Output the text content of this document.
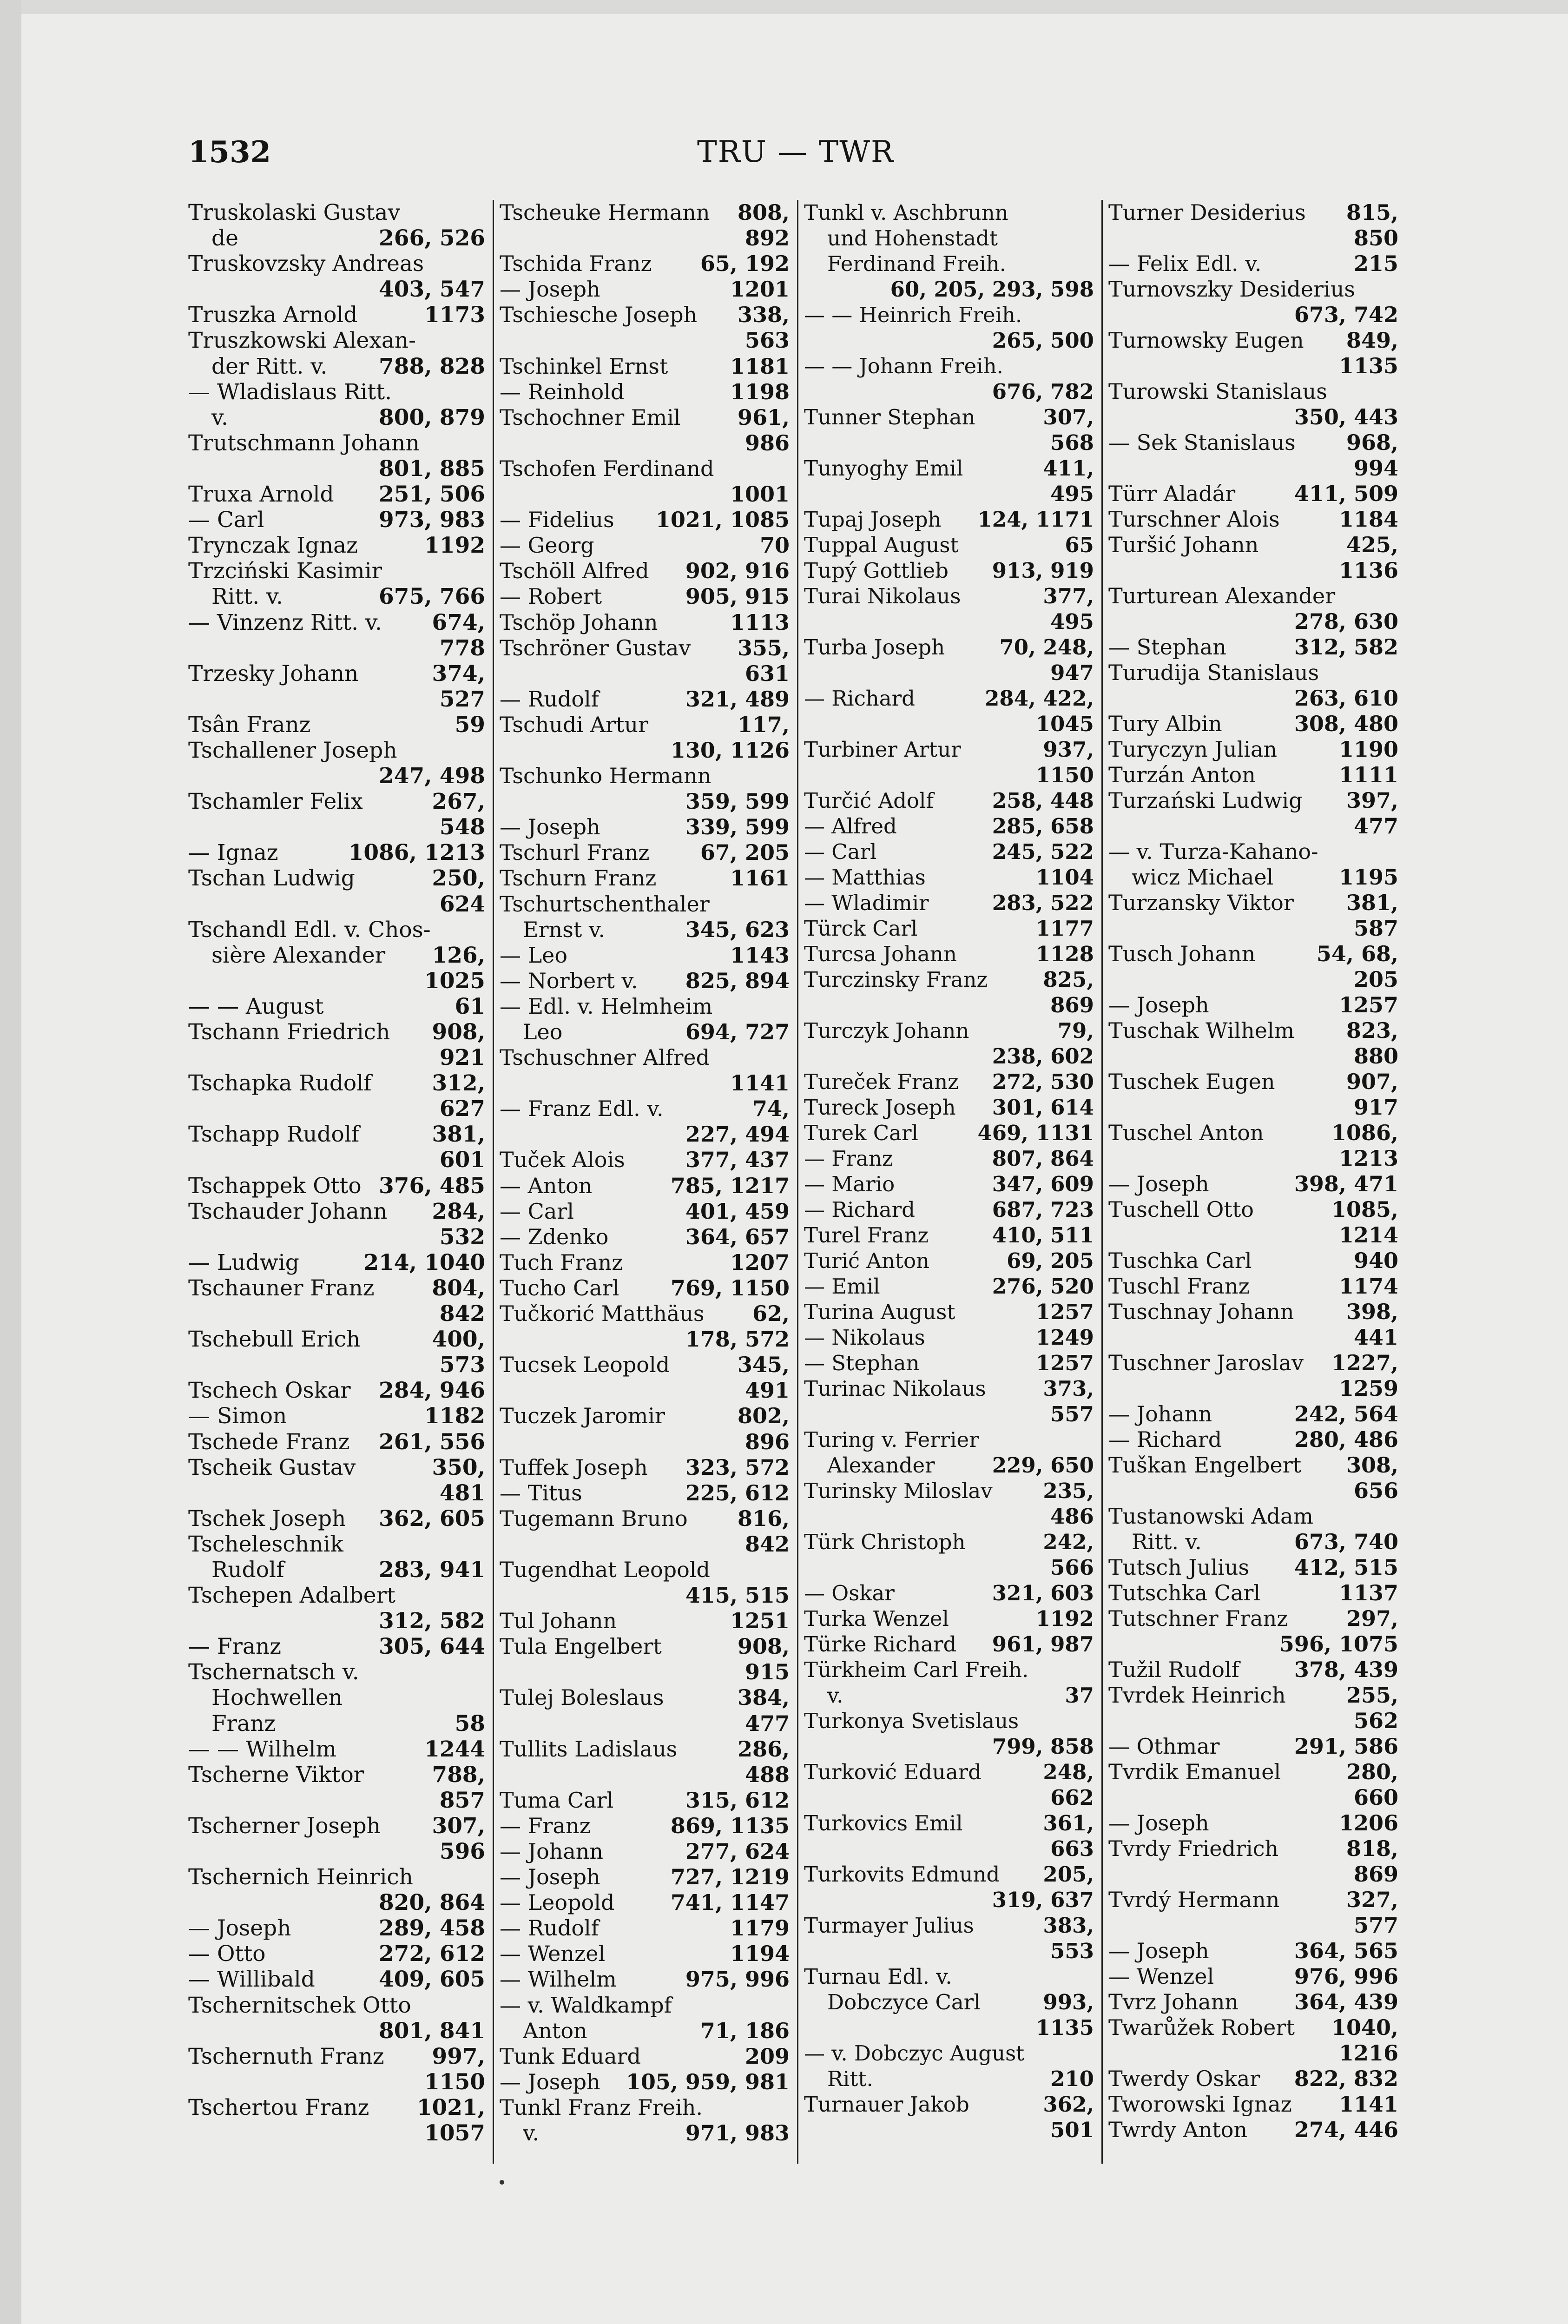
1532	TRU — TWR
Truskolaski Gustav
de	266, 526
Truskovzsky Andreas
403, 547
Truszka Arnold	1173
Truszkowski Alexan-
der Ritt. v.	788, 828
— Wladislaus Ritt.
v.	800, 879
Trutschmann Johann
801, 885
Truxa Arnold	251, 506
— Carl	973, 983
Trynczak Ignaz	1192
Trzciński Kasimir
Ritt. v.	675, 766
— Vinzenz Ritt. v.	674,
778
Trzesky Johann	374,
527
Tsân Franz	59
Tschallener Joseph
247, 498
Tschamler Felix	267,
548
— Ignaz	1086, 1213
Tschan Ludwig	250,
624
Tschandl Edl. v. Chos-
sière Alexander	126,
1025
— — August	61
Tschann Friedrich	908,
921
Tschapka Rudolf	312,
627
Tschapp Rudolf	381,
601
Tschappek Otto 376, 485
Tschauder Johann	284,
532
— Ludwig	214, 1040
Tschauner Franz	804,
842
Tschebull Erich	400,
573
Tschech Oskar	284, 946
— Simon	1182
Tschede Franz	261, 556
Tscheik Gustav	350,
481
Tschek Joseph	362, 605
Tscheleschnik
Rudolf	283, 941
Tschepen Adalbert
312, 582
— Franz	305, 644
Tschernatsch v.
Hochwellen
Franz	58
— — Wilhelm	1244
Tscherne Viktor	788,
857
Tscherner Joseph	307,
596
Tschernich Heinrich
820, 864
— Joseph	289, 458
— Otto	272, 612
— Willibald	409, 605
Tschernitschek Otto
801, 841
Tschernuth Franz	997,
1150
Tschertou Franz	1021,
1057
Tscheuke Hermann	808,
892
Tschida Franz	65, 192
— Joseph	1201
Tschiesche Joseph	338,
563
Tschinkel Ernst	1181
— Reinhold	1198
Tschochner Emil	961,
986
Tschofen Ferdinand
1001
— Fidelius	1021, 1085
— Georg	70
Tschöll Alfred	902, 916
— Robert	905, 915
Tschöp Johann	1113
Tschröner Gustav	355,
631
— Rudolf	321, 489
Tschudi Artur	117,
130, 1126
Tschunko Hermann
359, 599
— Joseph	339, 599
Tschurl Franz	67, 205
Tschurn Franz	1161
Tschurtschenthaler
Ernst v.	345, 623
— Leo	1143
— Norbert v.	825, 894
— Edl. v. Helmheim
Leo	694, 727
Tschuschner Alfred
1141
— Franz Edl. v.	74,
227, 494
Tuček Alois	377, 437
— Anton	785, 1217
— Carl	401, 459
— Zdenko	364, 657
Tuch Franz	1207
Tucho Carl	769, 1150
Tučkorić Matthäus	62,
178, 572
Tucsek Leopold	345,
491
Tuczek Jaromir	802,
896
Tuffek Joseph	323, 572
— Titus	225, 612
Tugemann Bruno	816,
842
Tugendhat Leopold
415, 515
Tul Johann	1251
Tula Engelbert	908,
915
Tulej Boleslaus	384,
477
Tullits Ladislaus	286,
488
Tuma Carl	315, 612
— Franz	869, 1135
— Johann	277, 624
— Joseph	727, 1219
— Leopold	741, 1147
— Rudolf	1179
— Wenzel	1194
— Wilhelm	975, 996
— v. Waldkampf
Anton	71, 186
Tunk Eduard	209
— Joseph	105, 959, 981
Tunkl Franz Freih.
v.	971, 983
Tunkl v. Aschbrunn
und Hohenstadt
Ferdinand Freih.
60, 205, 293, 598
— — Heinrich Freih.
265, 500
— — Johann Freih.
676, 782
Tunner Stephan	307,
568
Tunyoghy Emil	411,
495
Tupaj Joseph	124, 1171
Tuppal August	65
Tupý Gottlieb	913, 919
Turai Nikolaus	377,
495
Turba Joseph	70, 248,
947
— Richard	284, 422,
1045
Turbiner Artur	937,
1150
Turčić Adolf	258, 448
— Alfred	285, 658
— Carl	245, 522
— Matthias	1104
— Wladimir	283, 522
Türck Carl	1177
Turcsa Johann	1128
Turczinsky Franz	825,
869
Turczyk Johann	79,
238, 602
Tureček Franz	272, 530
Tureck Joseph	301, 614
Turek Carl	469, 1131
— Franz	807, 864
— Mario	347, 609
— Richard	687, 723
Turel Franz	410, 511
Turić Anton	69, 205
— Emil	276, 520
Turina August	1257
— Nikolaus	1249
— Stephan	1257
Turinac Nikolaus	373,
557
Turing v. Ferrier
Alexander	229, 650
Turinsky Miloslav	235,
486
Türk Christoph	242,
566
— Oskar	321, 603
Turka Wenzel	1192
Türke Richard	961, 987
Türkheim Carl Freih.
v.	37
Turkonya Svetislaus
799, 858
Turković Eduard	248,
662
Turkovics Emil	361,
663
Turkovits Edmund	205,
319, 637
Turmayer Julius	383,
553
Turnau Edl. v.
Dobczyce Carl	993,
1135
— v. Dobczyc August
Ritt.	210
Turnauer Jakob	362,
501
Turner Desiderius	815,
850
— Felix Edl. v.	215
Turnovszky Desiderius
673, 742
Turnowsky Eugen	849,
1135
Turowski Stanislaus
350, 443
— Sek Stanislaus	968,
994
Türr Aladár	411, 509
Turschner Alois	1184
Turšić Johann	425,
1136
Turturean Alexander
278, 630
— Stephan	312, 582
Turudija Stanislaus
263, 610
Tury Albin	308, 480
Turyczyn Julian	1190
Turzán Anton	1111
Turzański Ludwig	397,
477
— v. Turza-Kahano-
wicz Michael	1195
Turzansky Viktor	381,
587
Tusch Johann	54, 68,
205
— Joseph	1257
Tuschak Wilhelm	823,
880
Tuschek Eugen	907,
917
Tuschel Anton	1086,
1213
— Joseph	398, 471
Tuschell Otto	1085,
1214
Tuschka Carl	940
Tuschl Franz	1174
Tuschnay Johann	398,
441
Tuschner Jaroslav	1227,
1259
— Johann	242, 564
— Richard	280, 486
Tuškan Engelbert	308,
656
Tustanowski Adam
Ritt. v.	673, 740
Tutsch Julius	412, 515
Tutschka Carl	1137
Tutschner Franz	297,
596, 1075
Tužil Rudolf	378, 439
Tvrdek Heinrich	255,
562
— Othmar	291, 586
Tvrdik Emanuel	280,
660
— Joseph	1206
Tvrdy Friedrich	818,
869
Tvrdý Hermann	327,
577
— Joseph	364, 565
— Wenzel	976, 996
Tvrz Johann	364, 439
Twarůžek Robert	1040,
1216
Twerdy Oskar	822, 832
Tworowski Ignaz	1141
Twrdy Anton	274, 446
